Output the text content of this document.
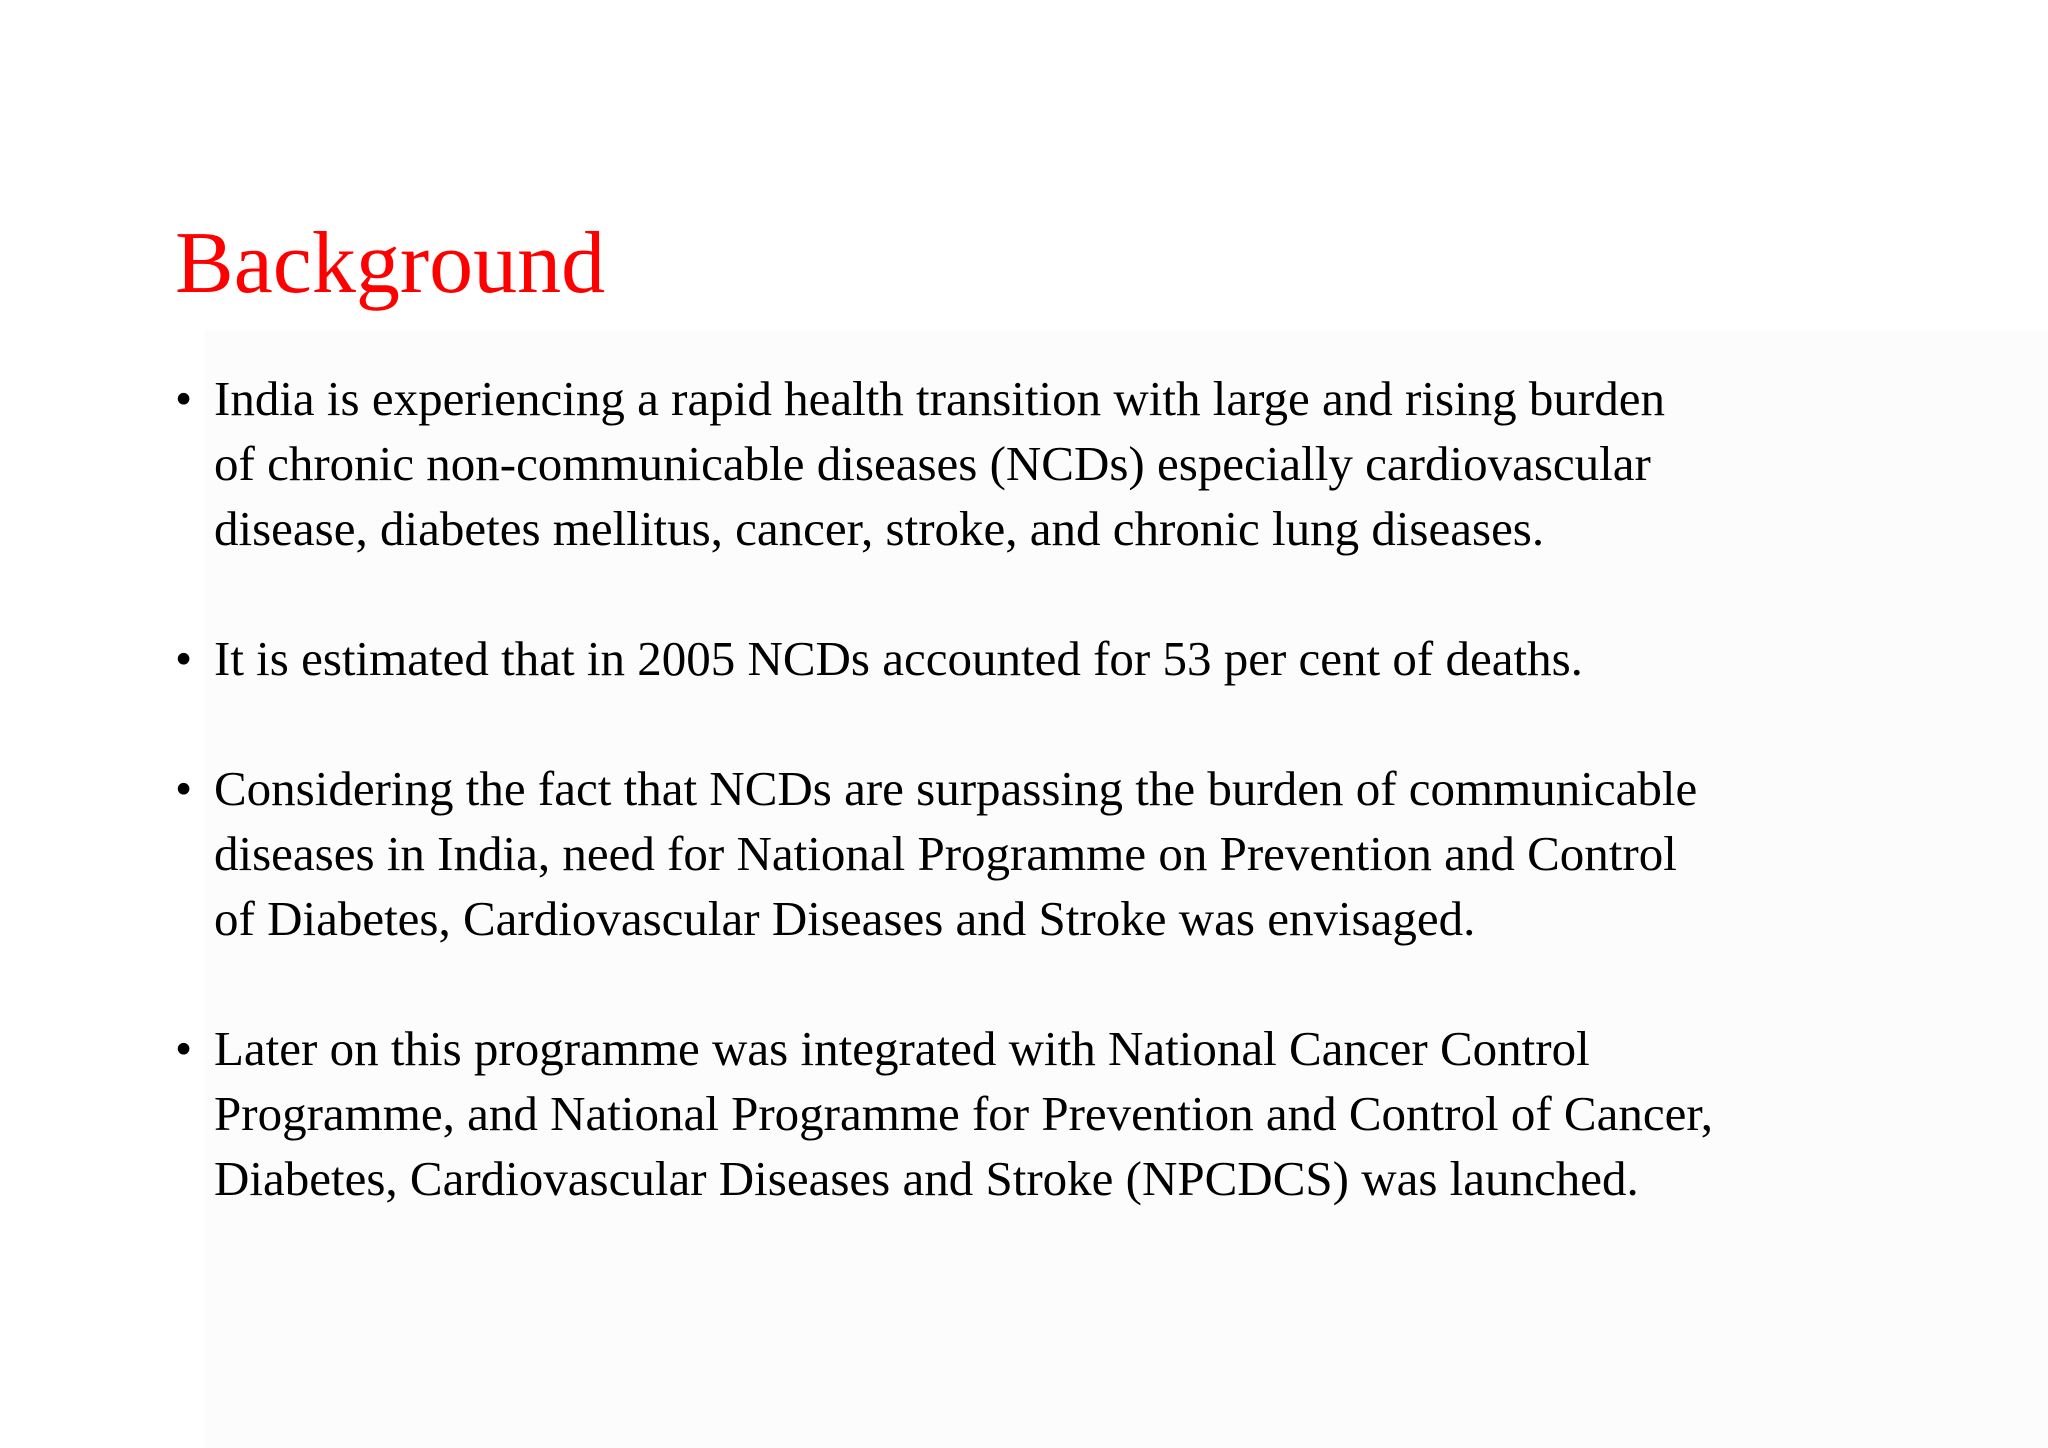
Background
• India is experiencing a rapid health transition with large and rising burden
of chronic non-communicable diseases (NCDs) especially cardiovascular
disease, diabetes mellitus, cancer, stroke, and chronic lung diseases.
• It is estimated that in 2005 NCDs accounted for 53 per cent of deaths.
• Considering the fact that NCDs are surpassing the burden of communicable
diseases in India, need for National Programme on Prevention and Control
of Diabetes, Cardiovascular Diseases and Stroke was envisaged.
• Later on this programme was integrated with National Cancer Control
Programme, and National Programme for Prevention and Control of Cancer,
Diabetes, Cardiovascular Diseases and Stroke (NPCDCS) was launched.
